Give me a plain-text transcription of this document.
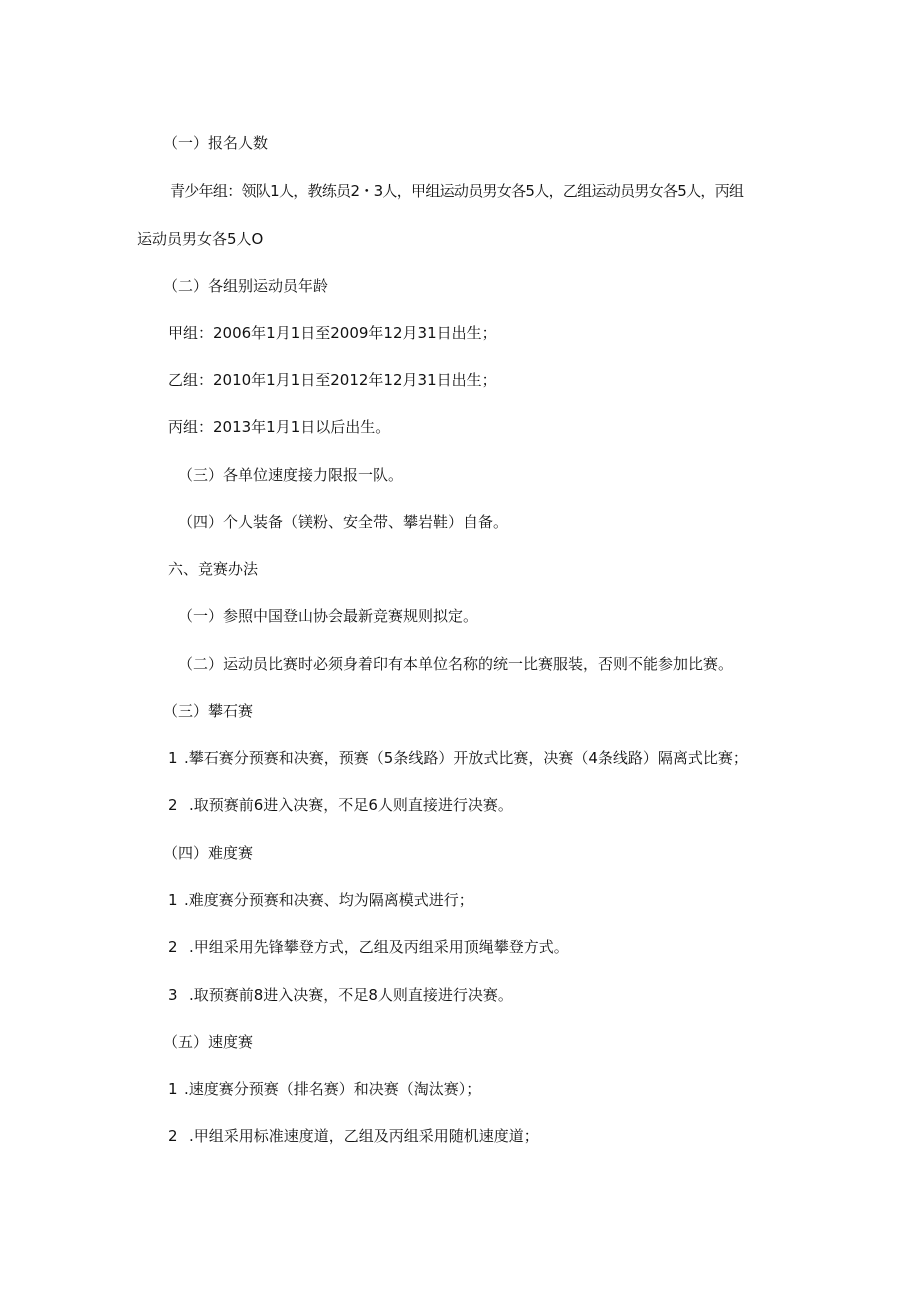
（一）报名人数
青少年组：领队1人，教练员2・3人，甲组运动员男女各5人，乙组运动员男女各5人，丙组
运动员男女各5人O
（二）各组别运动员年龄
甲组：2006年1月1日至2009年12月31日出生；
乙组：2010年1月1日至2012年12月31日出生；
丙组：2013年1月1日以后出生。
（三）各单位速度接力限报一队。
（四）个人装备（镁粉、安全带、攀岩鞋）自备。
六、竞赛办法
（一）参照中国登山协会最新竞赛规则拟定。
（二）运动员比赛时必须身着印有本单位名称的统一比赛服装，否则不能参加比赛。
（三）攀石赛
1 .攀石赛分预赛和决赛，预赛（5条线路）开放式比赛，决赛（4条线路）隔离式比赛；
2 .取预赛前6进入决赛，不足6人则直接进行决赛。
（四）难度赛
1 .难度赛分预赛和决赛、均为隔离模式进行；
2 .甲组采用先锋攀登方式，乙组及丙组采用顶绳攀登方式。
3 .取预赛前8进入决赛，不足8人则直接进行决赛。
（五）速度赛
1 .速度赛分预赛（排名赛）和决赛（淘汰赛）；
2 .甲组采用标准速度道，乙组及丙组采用随机速度道；
